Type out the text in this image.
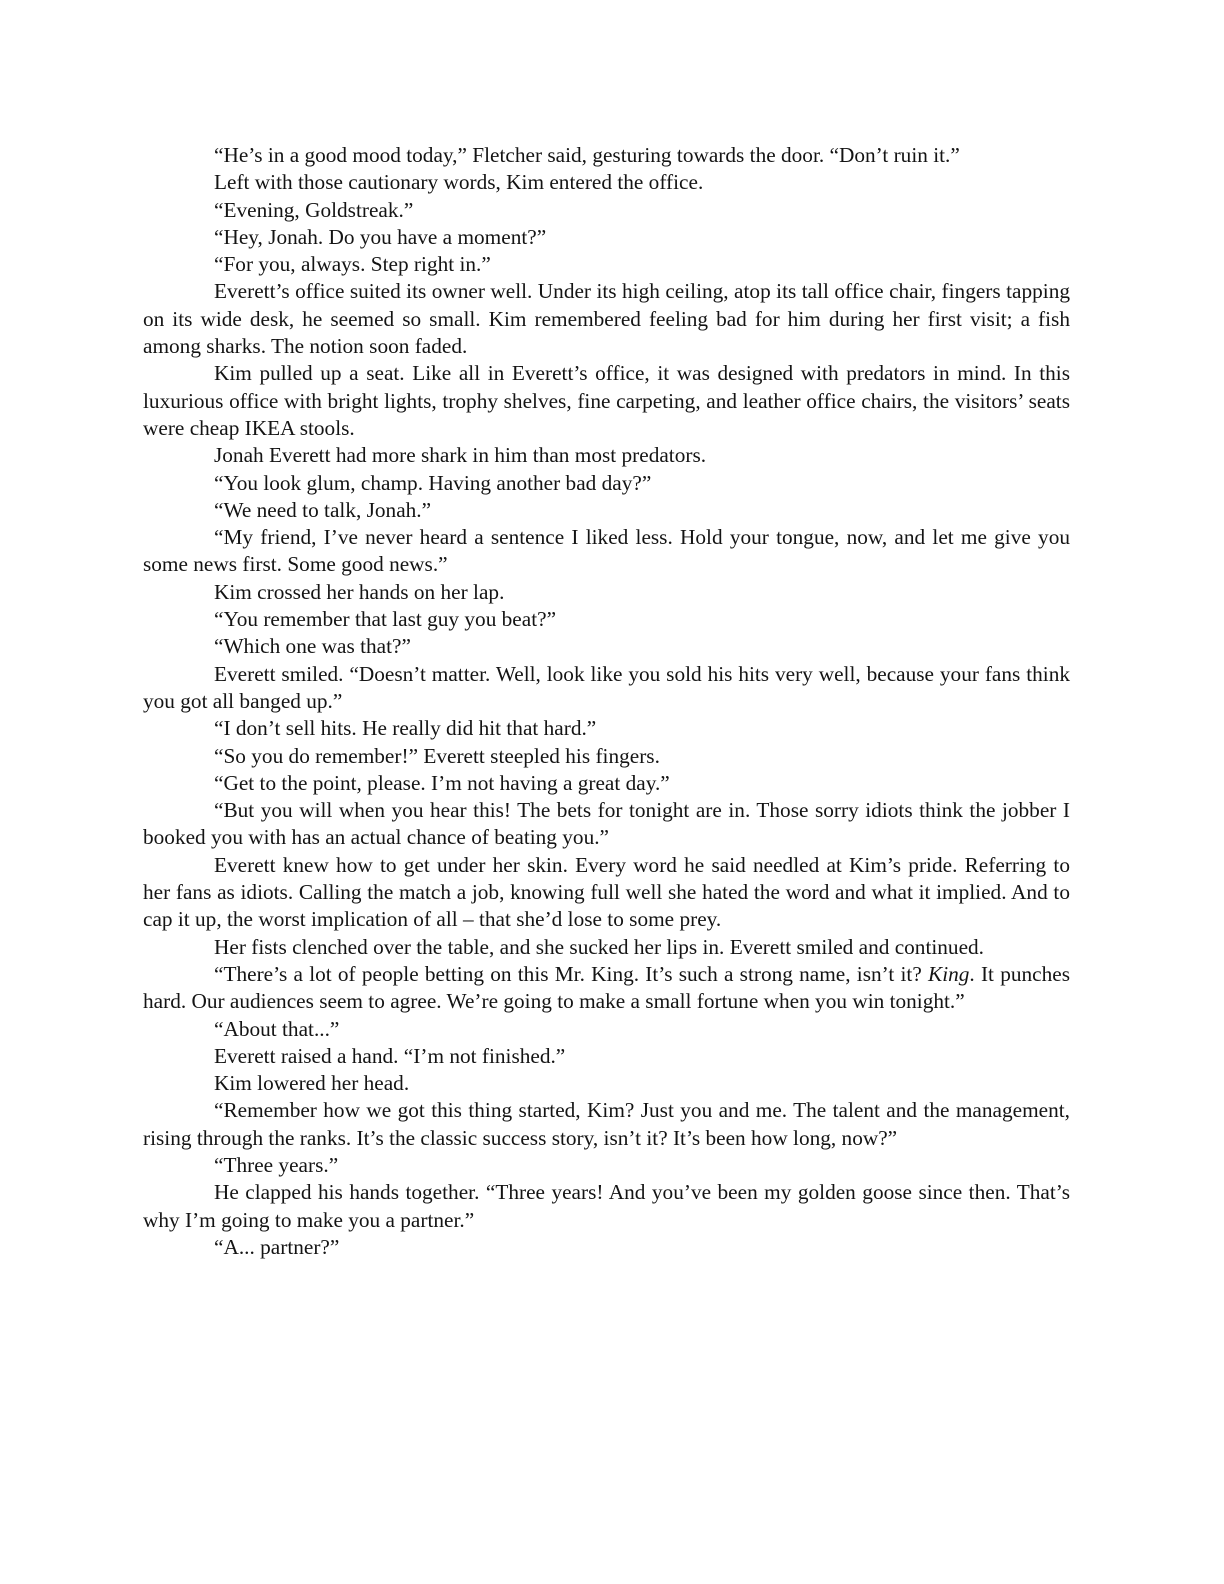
“He’s in a good mood today,” Fletcher said, gesturing towards the door. “Don’t ruin it.”

Left with those cautionary words, Kim entered the office.

“Evening, Goldstreak.”

“Hey, Jonah. Do you have a moment?”

“For you, always. Step right in.”

Everett’s office suited its owner well. Under its high ceiling, atop its tall office chair, fingers tapping on its wide desk, he seemed so small. Kim remembered feeling bad for him during her first visit; a fish among sharks. The notion soon faded.

Kim pulled up a seat. Like all in Everett’s office, it was designed with predators in mind. In this luxurious office with bright lights, trophy shelves, fine carpeting, and leather office chairs, the visitors’ seats were cheap IKEA stools.

Jonah Everett had more shark in him than most predators.

“You look glum, champ. Having another bad day?”

“We need to talk, Jonah.”

“My friend, I’ve never heard a sentence I liked less. Hold your tongue, now, and let me give you some news first. Some good news.”

Kim crossed her hands on her lap.

“You remember that last guy you beat?”

“Which one was that?”

Everett smiled. “Doesn’t matter. Well, look like you sold his hits very well, because your fans think you got all banged up.”

“I don’t sell hits. He really did hit that hard.”

“So you do remember!” Everett steepled his fingers.

“Get to the point, please. I’m not having a great day.”

“But you will when you hear this! The bets for tonight are in. Those sorry idiots think the jobber I booked you with has an actual chance of beating you.”

Everett knew how to get under her skin. Every word he said needled at Kim’s pride. Referring to her fans as idiots. Calling the match a job, knowing full well she hated the word and what it implied. And to cap it up, the worst implication of all – that she’d lose to some prey.

Her fists clenched over the table, and she sucked her lips in. Everett smiled and continued.

“There’s a lot of people betting on this Mr. King. It’s such a strong name, isn’t it? King. It punches hard. Our audiences seem to agree. We’re going to make a small fortune when you win tonight.”

“About that...”

Everett raised a hand. “I’m not finished.”

Kim lowered her head.

“Remember how we got this thing started, Kim? Just you and me. The talent and the management, rising through the ranks. It’s the classic success story, isn’t it? It’s been how long, now?”

“Three years.”

He clapped his hands together. “Three years! And you’ve been my golden goose since then. That’s why I’m going to make you a partner.”

“A... partner?”
